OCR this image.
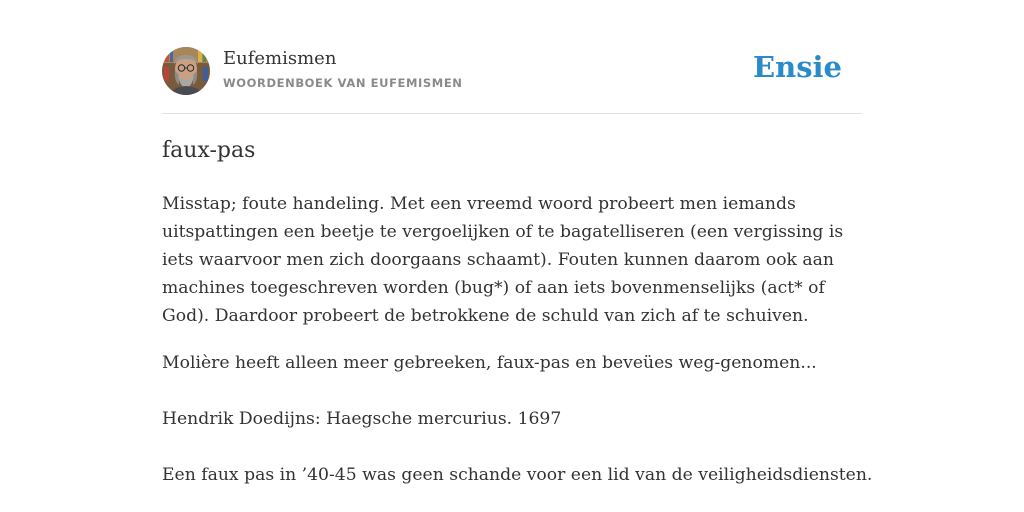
Eufemismen
WOORDENBOEK VAN EUFEMISMEN	Ensie
faux-pas

Misstap; foute handeling. Met een vreemd woord probeert men iemands uitspattingen een beetje te vergoelijken of te bagatelliseren (een vergissing is iets waarvoor men zich doorgaans schaamt). Fouten kunnen daarom ook aan machines toegeschreven worden (bug*) of aan iets bovenmenselijks (act* of God). Daardoor probeert de betrokkene de schuld van zich af te schuiven.

Molière heeft alleen meer gebreeken, faux-pas en beveües weg-genomen...

Hendrik Doedijns: Haegsche mercurius. 1697

Een faux pas in ’40-45 was geen schande voor een lid van de veiligheidsdiensten.
